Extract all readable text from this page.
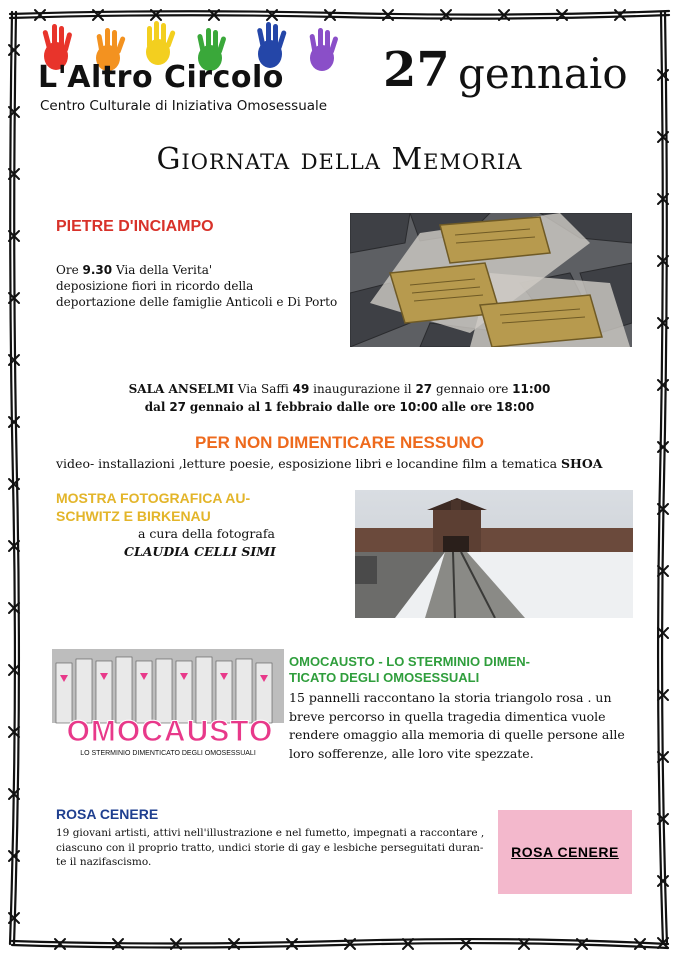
L'Altro Circolo
Centro Culturale di Iniziativa Omosessuale
27 gennaio
Giornata della Memoria
PIETRE D'INCIAMPO
Ore 9.30 Via della Verita'
deposizione fiori in ricordo della
deportazione delle famiglie Anticoli e Di Porto
SALA ANSELMI Via Saffi 49 inaugurazione il 27 gennaio ore 11:00
dal 27 gennaio al 1 febbraio dalle ore 10:00 alle ore 18:00
PER NON DIMENTICARE NESSUNO
video- installazioni ,letture poesie, esposizione libri e locandine film a tematica SHOA
MOSTRA FOTOGRAFICA AU-
SCHWITZ E BIRKENAU
a cura della fotografa
CLAUDIA CELLI SIMI
OMOCAUSTO
LO STERMINIO DIMENTICATO DEGLI OMOSESSUALI
OMOCAUSTO - LO STERMINIO DIMEN-
TICATO DEGLI OMOSESSUALI
15 pannelli raccontano la storia triangolo rosa . un
breve percorso in quella tragedia dimentica vuole
rendere omaggio alla memoria di quelle persone alle
loro sofferenze, alle loro vite spezzate.
ROSA CENERE
19 giovani artisti, attivi nell'illustrazione e nel fumetto, impegnati a raccontare ,
ciascuno con il proprio tratto, undici storie di gay e lesbiche perseguitati duran-
te il nazifascismo.
ROSA CENERE
